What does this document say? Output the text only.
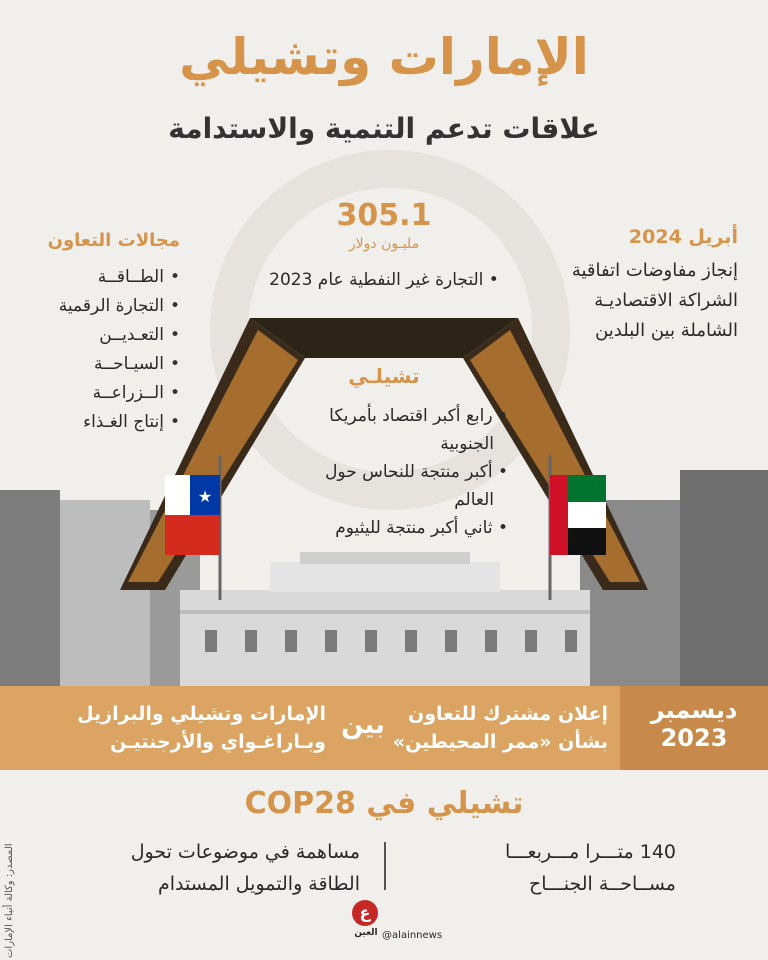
الإمارات وتشيلي
علاقات تدعم التنمية والاستدامة
أبريل 2024
إنجاز مفاوضات اتفاقية
الشراكة الاقتصاديـة
الشاملة بين البلدين
305.1
مليـون دولار
• التجارة غير النفطية عام 2023
مجالات التعاون
• الطــاقــة
• التجارة الرقمية
• التعـديــن
• السيـاحــة
• الــزراعــة
• إنتاج الغـذاء
★
تشيلـي
• رابع أكبر اقتصاد بأمريكا
الجنوبية
• أكبر منتجة للنحاس حول
العالم
• ثاني أكبر منتجة لليثيوم
ديسمبر
2023
إعلان مشترك للتعاون
بشأن «ممر المحيطين»
بين
الإمارات وتشيلي والبرازيل
وبـاراغـواي والأرجنتيـن
تشيلي في COP28
140 متـــرا مـــربعـــا
مســاحــة الجنـــاح
مساهمة في موضوعات تحول
الطاقة والتمويل المستدام
المصدر: وكالة أنباء الإمارات	ع
العين @alainnews
